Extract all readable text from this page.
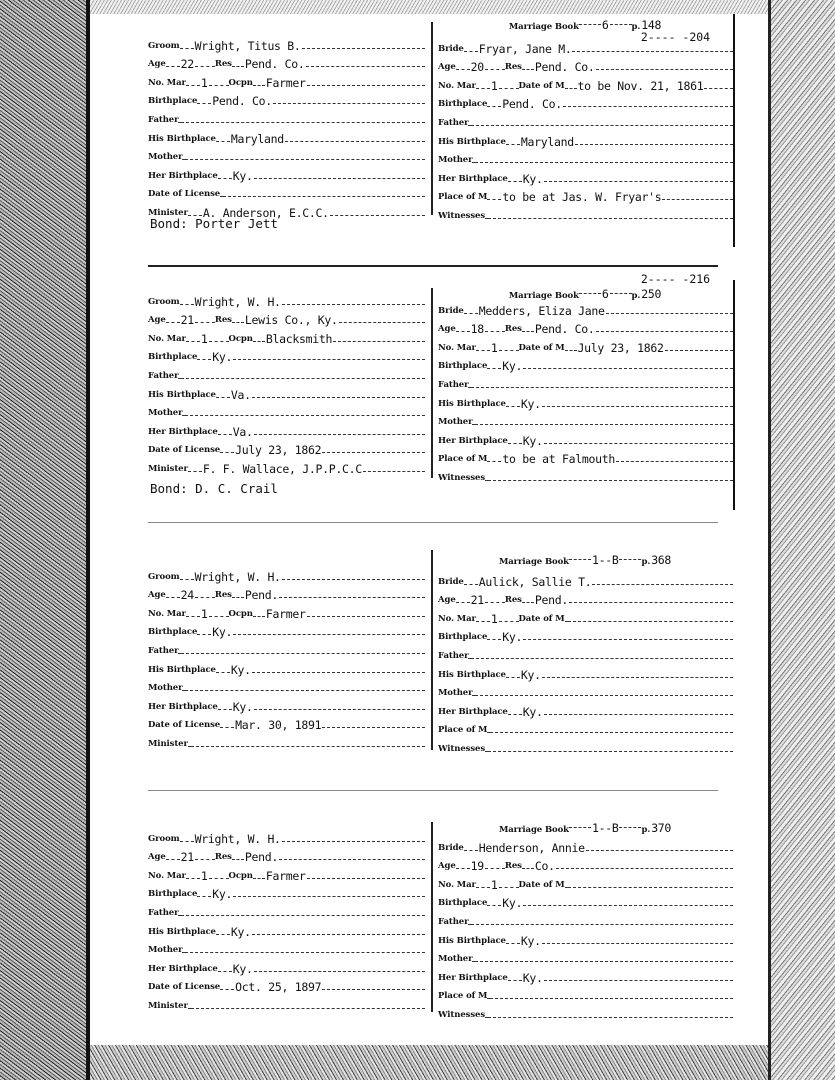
2---- -204
Marriage Book 6	p.148
Groom Wright, Titus B.
Age 22 Res Pend. Co.
No. Mar 1 Ocpn Farmer
Birthplace Pend. Co.
Father
His Birthplace Maryland
Mother
Her Birthplace Ky.
Date of License
Minister A. Anderson, E.C.C.
Bride Fryar, Jane M.
Age 20 Res Pend. Co.
No. Mar 1 Date of M to be Nov. 21, 1861
Birthplace Pend. Co.
Father
His Birthplace Maryland
Mother
Her Birthplace Ky.
Place of M to be at Jas. W. Fryar's
Witnesses
Bond: Porter Jett
2---- -216
Marriage Book 6	p.250
Groom Wright, W. H.
Age 21 Res Lewis Co., Ky.
No. Mar 1 Ocpn Blacksmith
Birthplace Ky.
Father
His Birthplace Va.
Mother
Her Birthplace Va.
Date of License July 23, 1862
Minister F. F. Wallace, J.P.P.C.C
Bride Medders, Eliza Jane
Age 18 Res Pend. Co.
No. Mar 1 Date of M July 23, 1862
Birthplace Ky.
Father
His Birthplace Ky.
Mother
Her Birthplace Ky.
Place of M to be at Falmouth
Witnesses
Bond: D. C. Crail
Marriage Book 1--B	p.368
Groom Wright, W. H.
Age 24 Res Pend.
No. Mar 1 Ocpn Farmer
Birthplace Ky.
Father
His Birthplace Ky.
Mother
Her Birthplace Ky.
Date of License Mar. 30, 1891
Minister
Bride Aulick, Sallie T.
Age 21 Res Pend.
No. Mar 1 Date of M
Birthplace Ky.
Father
His Birthplace Ky.
Mother
Her Birthplace Ky.
Place of M
Witnesses
Marriage Book 1--B	p.370
Groom Wright, W. H.
Age 21 Res Pend.
No. Mar 1 Ocpn Farmer
Birthplace Ky.
Father
His Birthplace Ky.
Mother
Her Birthplace Ky.
Date of License Oct. 25, 1897
Minister
Bride Henderson, Annie
Age 19 Res Co.
No. Mar 1 Date of M
Birthplace Ky.
Father
His Birthplace Ky.
Mother
Her Birthplace Ky.
Place of M
Witnesses
